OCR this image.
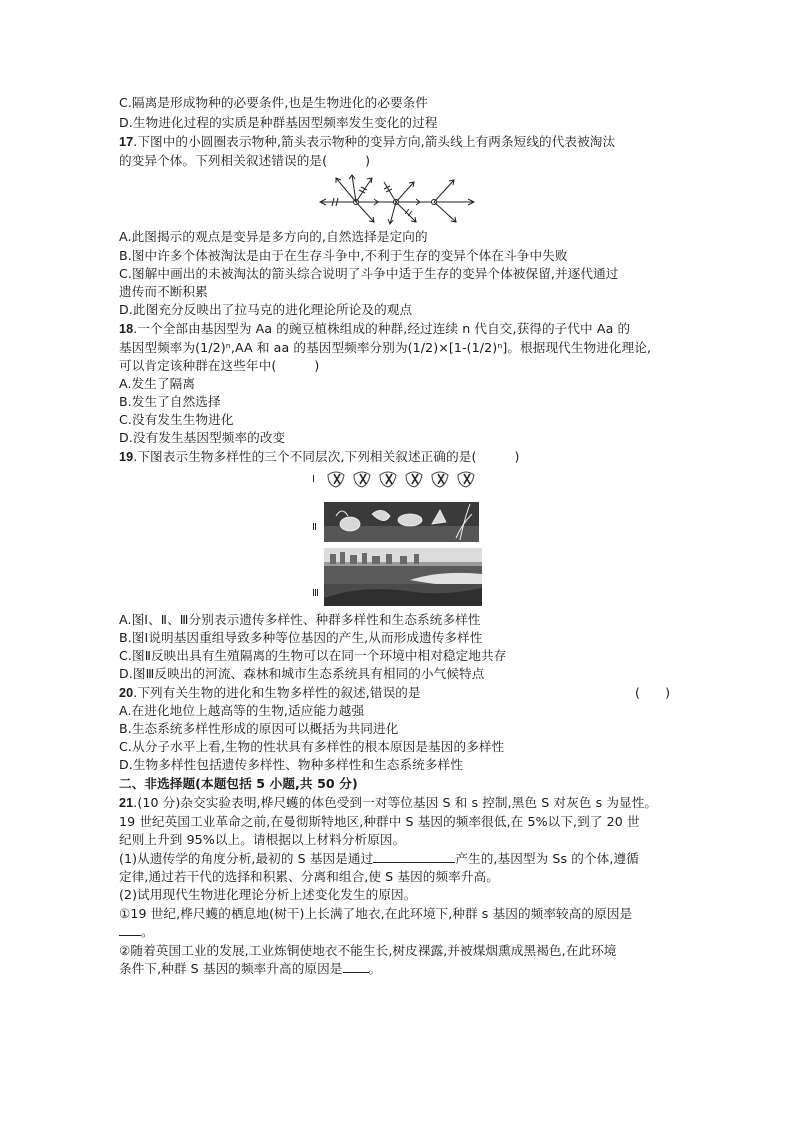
C.隔离是形成物种的必要条件,也是生物进化的必要条件
D.生物进化过程的实质是种群基因型频率发生变化的过程
17.下图中的小圆圈表示物种,箭头表示物种的变异方向,箭头线上有两条短线的代表被淘汰
的变异个体。下列相关叙述错误的是(	)
A.此图揭示的观点是变异是多方向的,自然选择是定向的
B.图中许多个体被淘汰是由于在生存斗争中,不利于生存的变异个体在斗争中失败
C.图解中画出的未被淘汰的箭头综合说明了斗争中适于生存的变异个体被保留,并逐代通过
遗传而不断积累
D.此图充分反映出了拉马克的进化理论所论及的观点
18.一个全部由基因型为 Aa 的豌豆植株组成的种群,经过连续 n 代自交,获得的子代中 Aa 的
基因型频率为(1/2)ⁿ,AA 和 aa 的基因型频率分别为(1/2)×[1-(1/2)ⁿ]。根据现代生物进化理论,
可以肯定该种群在这些年中(	)
A.发生了隔离
B.发生了自然选择
C.没有发生生物进化
D.没有发生基因型频率的改变
19.下图表示生物多样性的三个不同层次,下列相关叙述正确的是(	)
Ⅰ
Ⅱ
Ⅲ
A.图Ⅰ、Ⅱ、Ⅲ分别表示遗传多样性、种群多样性和生态系统多样性
B.图Ⅰ说明基因重组导致多种等位基因的产生,从而形成遗传多样性
C.图Ⅱ反映出具有生殖隔离的生物可以在同一个环境中相对稳定地共存
D.图Ⅲ反映出的河流、森林和城市生态系统具有相同的小气候特点
20.下列有关生物的进化和生物多样性的叙述,错误的是	(　　)
A.在进化地位上越高等的生物,适应能力越强
B.生态系统多样性形成的原因可以概括为共同进化
C.从分子水平上看,生物的性状具有多样性的根本原因是基因的多样性
D.生物多样性包括遗传多样性、物种多样性和生态系统多样性
二、非选择题(本题包括 5 小题,共 50 分)
21.(10 分)杂交实验表明,桦尺蠖的体色受到一对等位基因 S 和 s 控制,黑色 S 对灰色 s 为显性。
19 世纪英国工业革命之前,在曼彻斯特地区,种群中 S 基因的频率很低,在 5%以下,到了 20 世
纪则上升到 95%以上。请根据以上材料分析原因。
(1)从遗传学的角度分析,最初的 S 基因是通过	产生的,基因型为 Ss 的个体,遵循
定律,通过若干代的选择和积累、分离和组合,使 S 基因的频率升高。
(2)试用现代生物进化理论分析上述变化发生的原因。
①19 世纪,桦尺蠖的栖息地(树干)上长满了地衣,在此环境下,种群 s 基因的频率较高的原因是
。
②随着英国工业的发展,工业炼铜使地衣不能生长,树皮裸露,并被煤烟熏成黑褐色,在此环境
条件下,种群 S 基因的频率升高的原因是 。
